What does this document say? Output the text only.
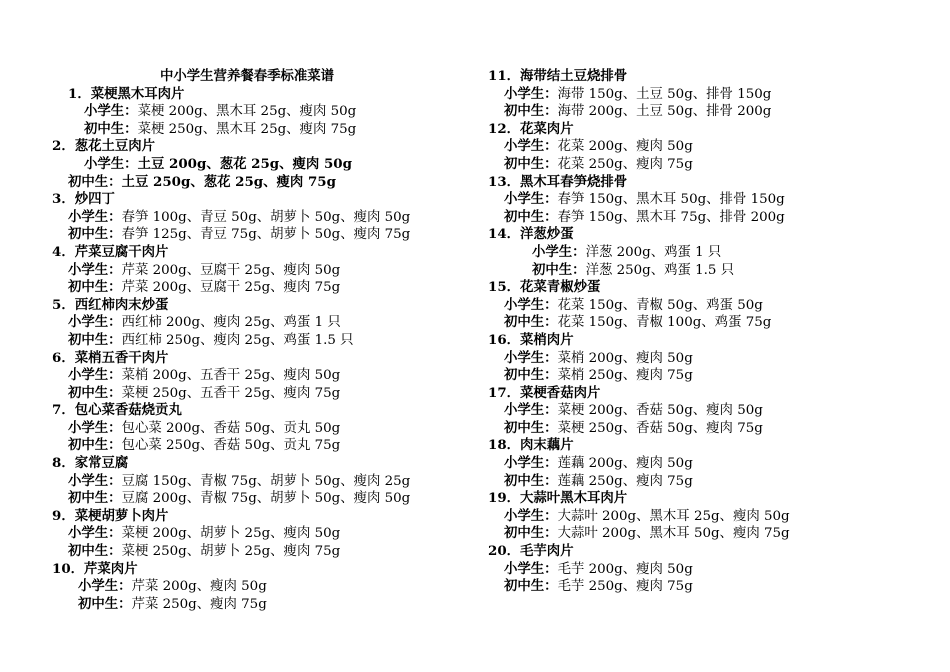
中小学生营养餐春季标准菜谱
1．菜梗黑木耳肉片
小学生：菜梗 200g、黑木耳 25g、瘦肉 50g
初中生：菜梗 250g、黑木耳 25g、瘦肉 75g
2．葱花土豆肉片
小学生：土豆 200g、葱花 25g、瘦肉 50g
初中生：土豆 250g、葱花 25g、瘦肉 75g
3．炒四丁
小学生：春笋 100g、青豆 50g、胡萝卜 50g、瘦肉 50g
初中生：春笋 125g、青豆 75g、胡萝卜 50g、瘦肉 75g
4．芹菜豆腐干肉片
小学生：芹菜 200g、豆腐干 25g、瘦肉 50g
初中生：芹菜 200g、豆腐干 25g、瘦肉 75g
5．西红柿肉末炒蛋
小学生：西红柿 200g、瘦肉 25g、鸡蛋 1 只
初中生：西红柿 250g、瘦肉 25g、鸡蛋 1.5 只
6．菜梢五香干肉片
小学生：菜梢 200g、五香干 25g、瘦肉 50g
初中生：菜梗 250g、五香干 25g、瘦肉 75g
7．包心菜香菇烧贡丸
小学生：包心菜 200g、香菇 50g、贡丸 50g
初中生：包心菜 250g、香菇 50g、贡丸 75g
8．家常豆腐
小学生：豆腐 150g、青椒 75g、胡萝卜 50g、瘦肉 25g
初中生：豆腐 200g、青椒 75g、胡萝卜 50g、瘦肉 50g
9．菜梗胡萝卜肉片
小学生：菜梗 200g、胡萝卜 25g、瘦肉 50g
初中生：菜梗 250g、胡萝卜 25g、瘦肉 75g
10．芹菜肉片
小学生：芹菜 200g、瘦肉 50g
初中生：芹菜 250g、瘦肉 75g
11．海带结土豆烧排骨
小学生：海带 150g、土豆 50g、排骨 150g
初中生：海带 200g、土豆 50g、排骨 200g
12．花菜肉片
小学生：花菜 200g、瘦肉 50g
初中生：花菜 250g、瘦肉 75g
13．黑木耳春笋烧排骨
小学生：春笋 150g、黑木耳 50g、排骨 150g
初中生：春笋 150g、黑木耳 75g、排骨 200g
14．洋葱炒蛋
小学生：洋葱 200g、鸡蛋 1 只
初中生：洋葱 250g、鸡蛋 1.5 只
15．花菜青椒炒蛋
小学生：花菜 150g、青椒 50g、鸡蛋 50g
初中生：花菜 150g、青椒 100g、鸡蛋 75g
16．菜梢肉片
小学生：菜梢 200g、瘦肉 50g
初中生：菜梢 250g、瘦肉 75g
17．菜梗香菇肉片
小学生：菜梗 200g、香菇 50g、瘦肉 50g
初中生：菜梗 250g、香菇 50g、瘦肉 75g
18．肉末藕片
小学生：莲藕 200g、瘦肉 50g
初中生：莲藕 250g、瘦肉 75g
19．大蒜叶黑木耳肉片
小学生：大蒜叶 200g、黑木耳 25g、瘦肉 50g
初中生：大蒜叶 200g、黑木耳 50g、瘦肉 75g
20．毛芋肉片
小学生：毛芋 200g、瘦肉 50g
初中生：毛芋 250g、瘦肉 75g
